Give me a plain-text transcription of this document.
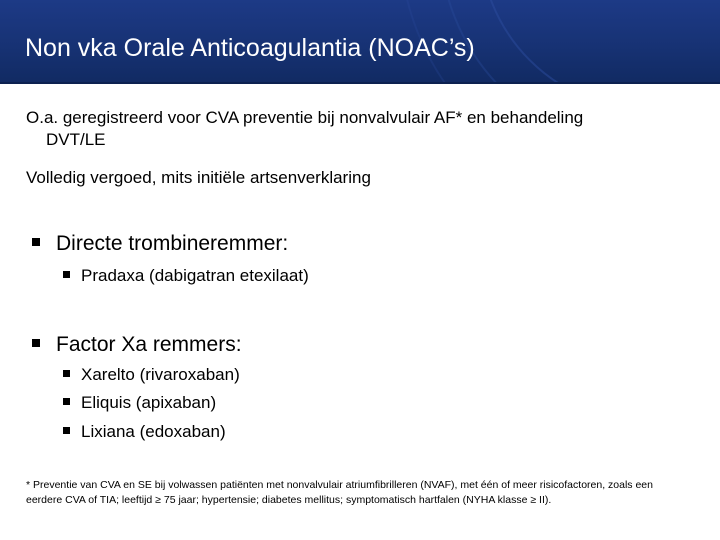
Non vka Orale Anticoagulantia (NOAC’s)
O.a. geregistreerd voor CVA preventie bij nonvalvulair AF* en behandeling
DVT/LE
Volledig vergoed, mits initiële artsenverklaring
Directe trombineremmer:
Pradaxa (dabigatran etexilaat)
Factor Xa remmers:
Xarelto (rivaroxaban)
Eliquis (apixaban)
Lixiana (edoxaban)
* Preventie van CVA en SE bij volwassen patiënten met nonvalvulair atriumfibrilleren (NVAF), met één of meer risicofactoren, zoals een eerdere CVA of TIA; leeftijd ≥ 75 jaar; hypertensie; diabetes mellitus; symptomatisch hartfalen (NYHA klasse ≥ II).
